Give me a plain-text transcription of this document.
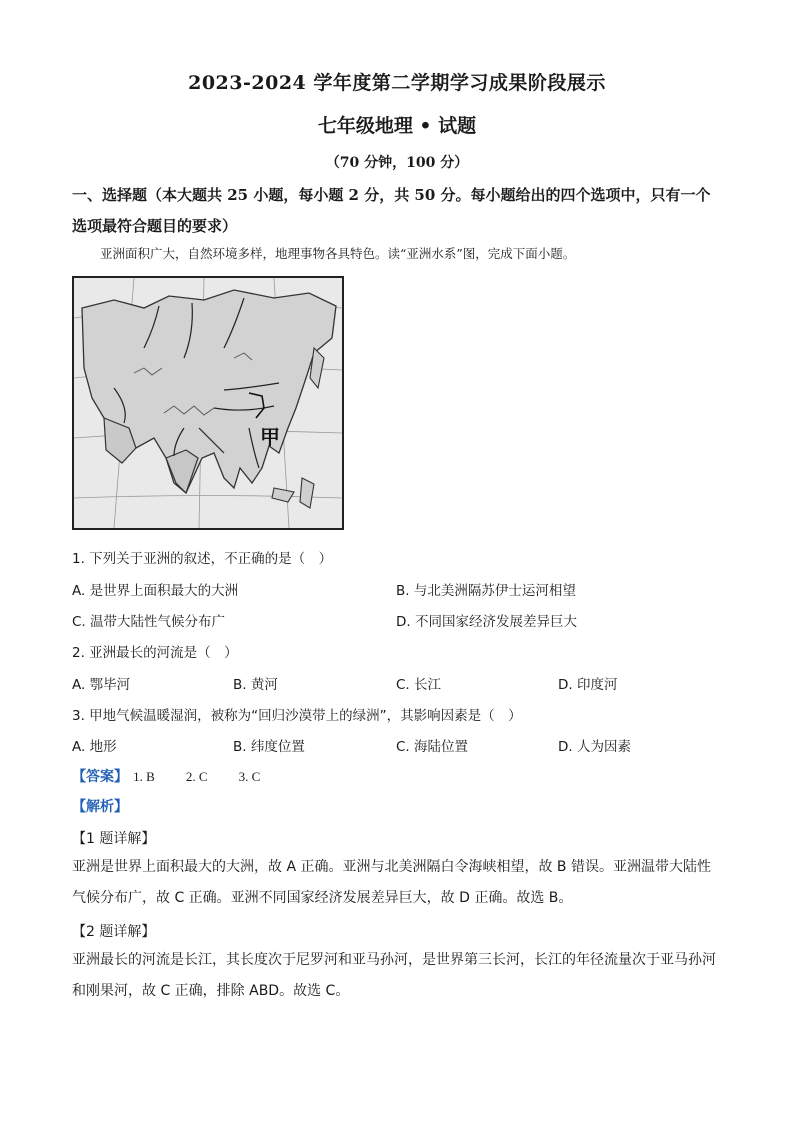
2023-2024 学年度第二学期学习成果阶段展示
七年级地理 • 试题
（70 分钟，100 分）
一、选择题（本大题共 25 小题，每小题 2 分，共 50 分。每小题给出的四个选项中，只有一个选项最符合题目的要求）
亚洲面积广大，自然环境多样，地理事物各具特色。读“亚洲水系”图，完成下面小题。
甲
1. 下列关于亚洲的叙述，不正确的是（　）
A. 是世界上面积最大的大洲	B. 与北美洲隔苏伊士运河相望
C. 温带大陆性气候分布广	D. 不同国家经济发展差异巨大
2. 亚洲最长的河流是（　）
A. 鄂毕河	B. 黄河	C. 长江	D. 印度河
3. 甲地气候温暖湿润，被称为“回归沙漠带上的绿洲”，其影响因素是（　）
A. 地形	B. 纬度位置	C. 海陆位置	D. 人为因素
【答案】 1. B 2. C 3. C
【解析】
【1 题详解】
亚洲是世界上面积最大的大洲，故 A 正确。亚洲与北美洲隔白令海峡相望，故 B 错误。亚洲温带大陆性气候分布广，故 C 正确。亚洲不同国家经济发展差异巨大，故 D 正确。故选 B。
【2 题详解】
亚洲最长的河流是长江，其长度次于尼罗河和亚马孙河，是世界第三长河，长江的年径流量次于亚马孙河和刚果河，故 C 正确，排除 ABD。故选 C。
